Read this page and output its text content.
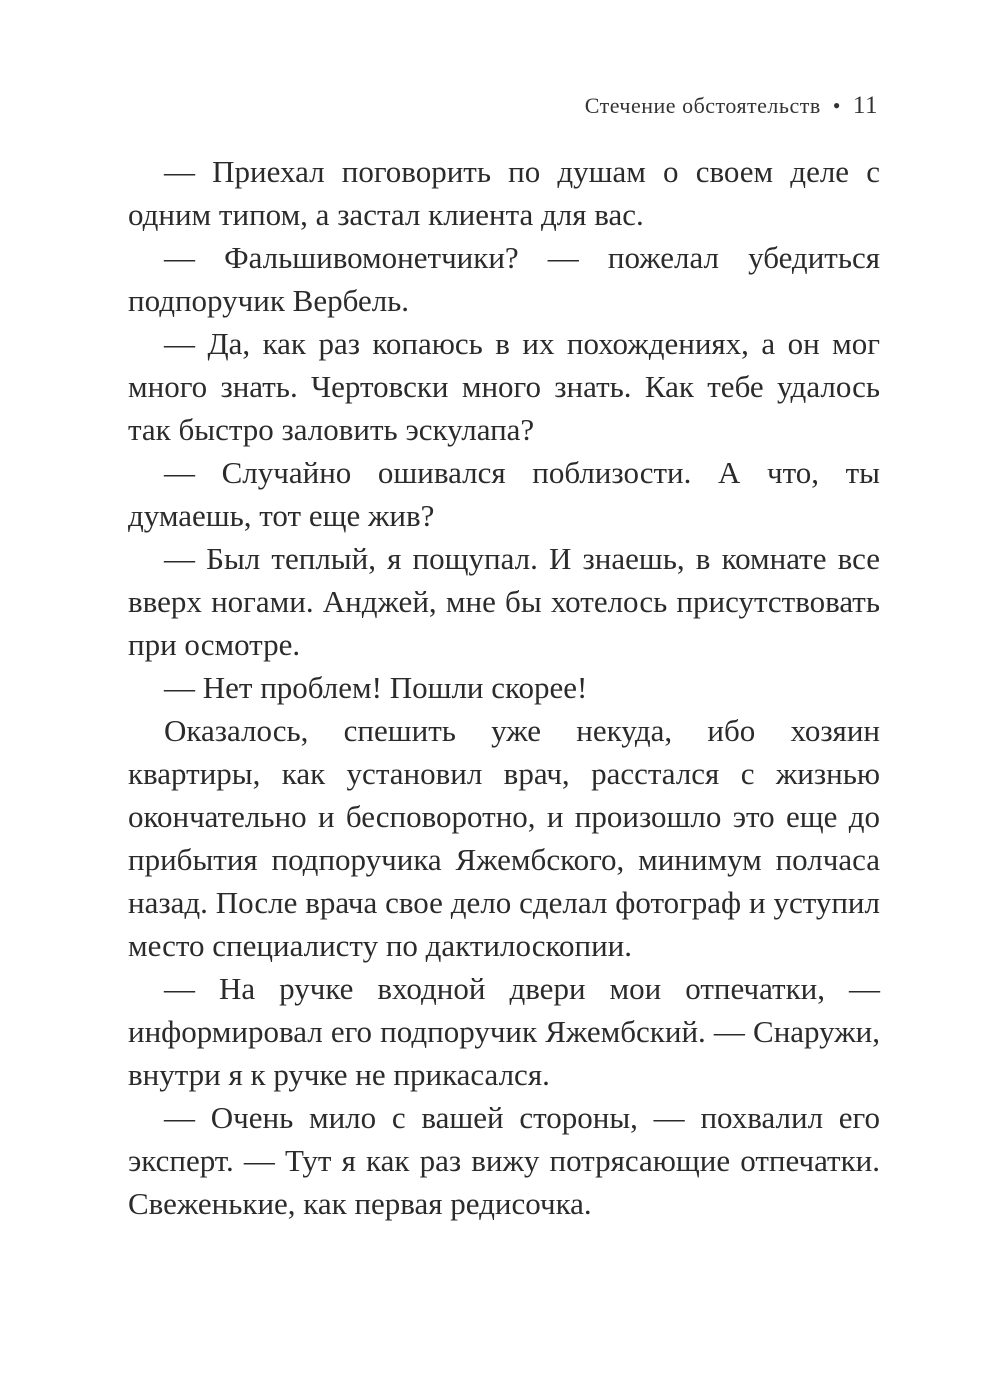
Стечение обстоятельств • 11

— Приехал поговорить по душам о своем деле с одним типом, а застал клиента для вас.

— Фальшивомонетчики? — пожелал убедиться подпоручик Вербель.

— Да, как раз копаюсь в их похождениях, а он мог много знать. Чертовски много знать. Как тебе удалось так быстро заловить эскулапа?

— Случайно ошивался поблизости. А что, ты думаешь, тот еще жив?

— Был теплый, я пощупал. И знаешь, в комнате все вверх ногами. Анджей, мне бы хотелось присутствовать при осмотре.

— Нет проблем! Пошли скорее!

Оказалось, спешить уже некуда, ибо хозяин квартиры, как установил врач, расстался с жизнью окончательно и бесповоротно, и произошло это еще до прибытия подпоручика Яжембского, минимум полчаса назад. После врача свое дело сделал фотограф и уступил место специалисту по дактилоскопии.

— На ручке входной двери мои отпечатки, — информировал его подпоручик Яжембский. — Снаружи, внутри я к ручке не прикасался.

— Очень мило с вашей стороны, — похвалил его эксперт. — Тут я как раз вижу потрясающие отпечатки. Свеженькие, как первая редисочка.
